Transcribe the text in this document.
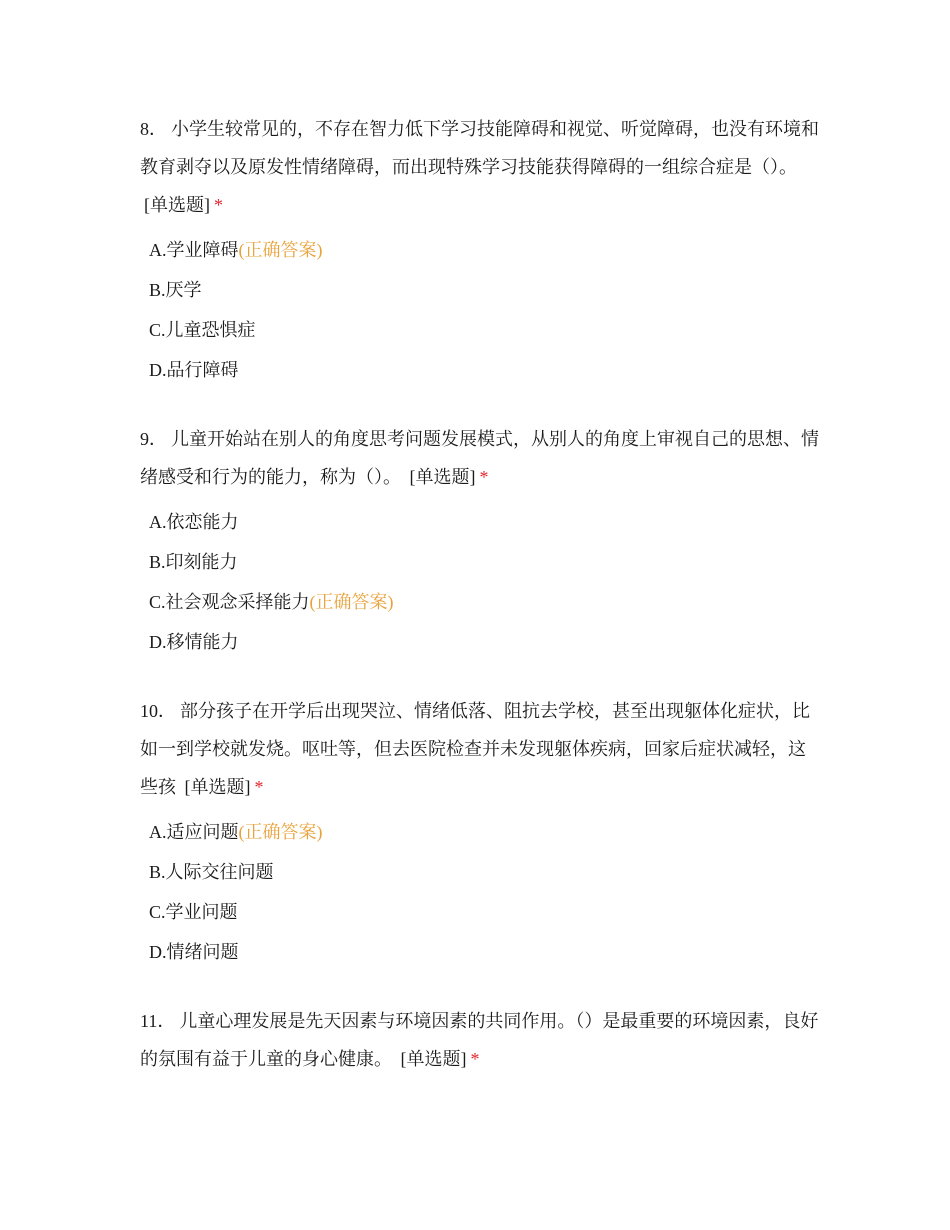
8． 小学生较常见的，不存在智力低下学习技能障碍和视觉、听觉障碍，也没有环境和教育剥夺以及原发性情绪障碍，而出现特殊学习技能获得障碍的一组综合症是（）。 [单选题] *

A.学业障碍(正确答案)
B.厌学
C.儿童恐惧症
D.品行障碍

9． 儿童开始站在别人的角度思考问题发展模式，从别人的角度上审视自己的思想、情绪感受和行为的能力，称为（）。 [单选题] *

A.依恋能力
B.印刻能力
C.社会观念采择能力(正确答案)
D.移情能力

10． 部分孩子在开学后出现哭泣、情绪低落、阻抗去学校，甚至出现躯体化症状，比如一到学校就发烧。呕吐等，但去医院检查并未发现躯体疾病，回家后症状减轻，这些孩 [单选题] *

A.适应问题(正确答案)
B.人际交往问题
C.学业问题
D.情绪问题

11． 儿童心理发展是先天因素与环境因素的共同作用。（）是最重要的环境因素，良好的氛围有益于儿童的身心健康。 [单选题] *
